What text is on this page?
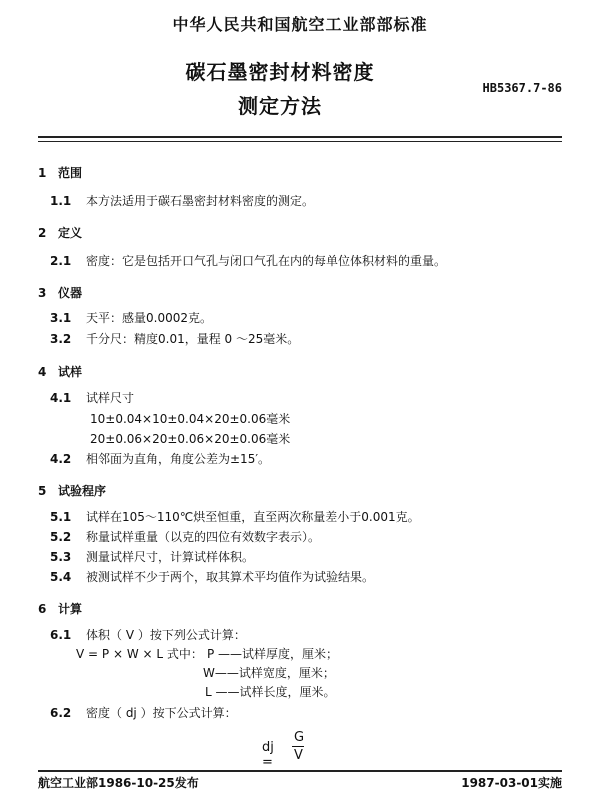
中华人民共和国航空工业部部标准
碳石墨密封材料密度
测定方法
HB5367.7-86
1 范围
1.1 本方法适用于碳石墨密封材料密度的测定。
2 定义
2.1 密度：它是包括开口气孔与闭口气孔在内的每单位体积材料的重量。
3 仪器
3.1 天平：感量0.0002克。
3.2 千分尺：精度0.01，量程 0 ～25毫米。
4 试样
4.1 试样尺寸
10±0.04×10±0.04×20±0.06毫米
20±0.06×20±0.06×20±0.06毫米
4.2 相邻面为直角，角度公差为±15′。
5 试验程序
5.1 试样在105～110℃烘至恒重，直至两次称量差小于0.001克。
5.2 称量试样重量（以克的四位有效数字表示）。
5.3 测量试样尺寸，计算试样体积。
5.4 被测试样不少于两个，取其算术平均值作为试验结果。
6 计算
6.1 体积（ V ）按下列公式计算：
V = P × W × L 式中： P ——试样厚度，厘米；
W——试样宽度，厘米；
L ——试样长度，厘米。
6.2 密度（ dj ）按下公式计算：
dj =
G
V
航空工业部1986-10-25发布	1987-03-01实施
